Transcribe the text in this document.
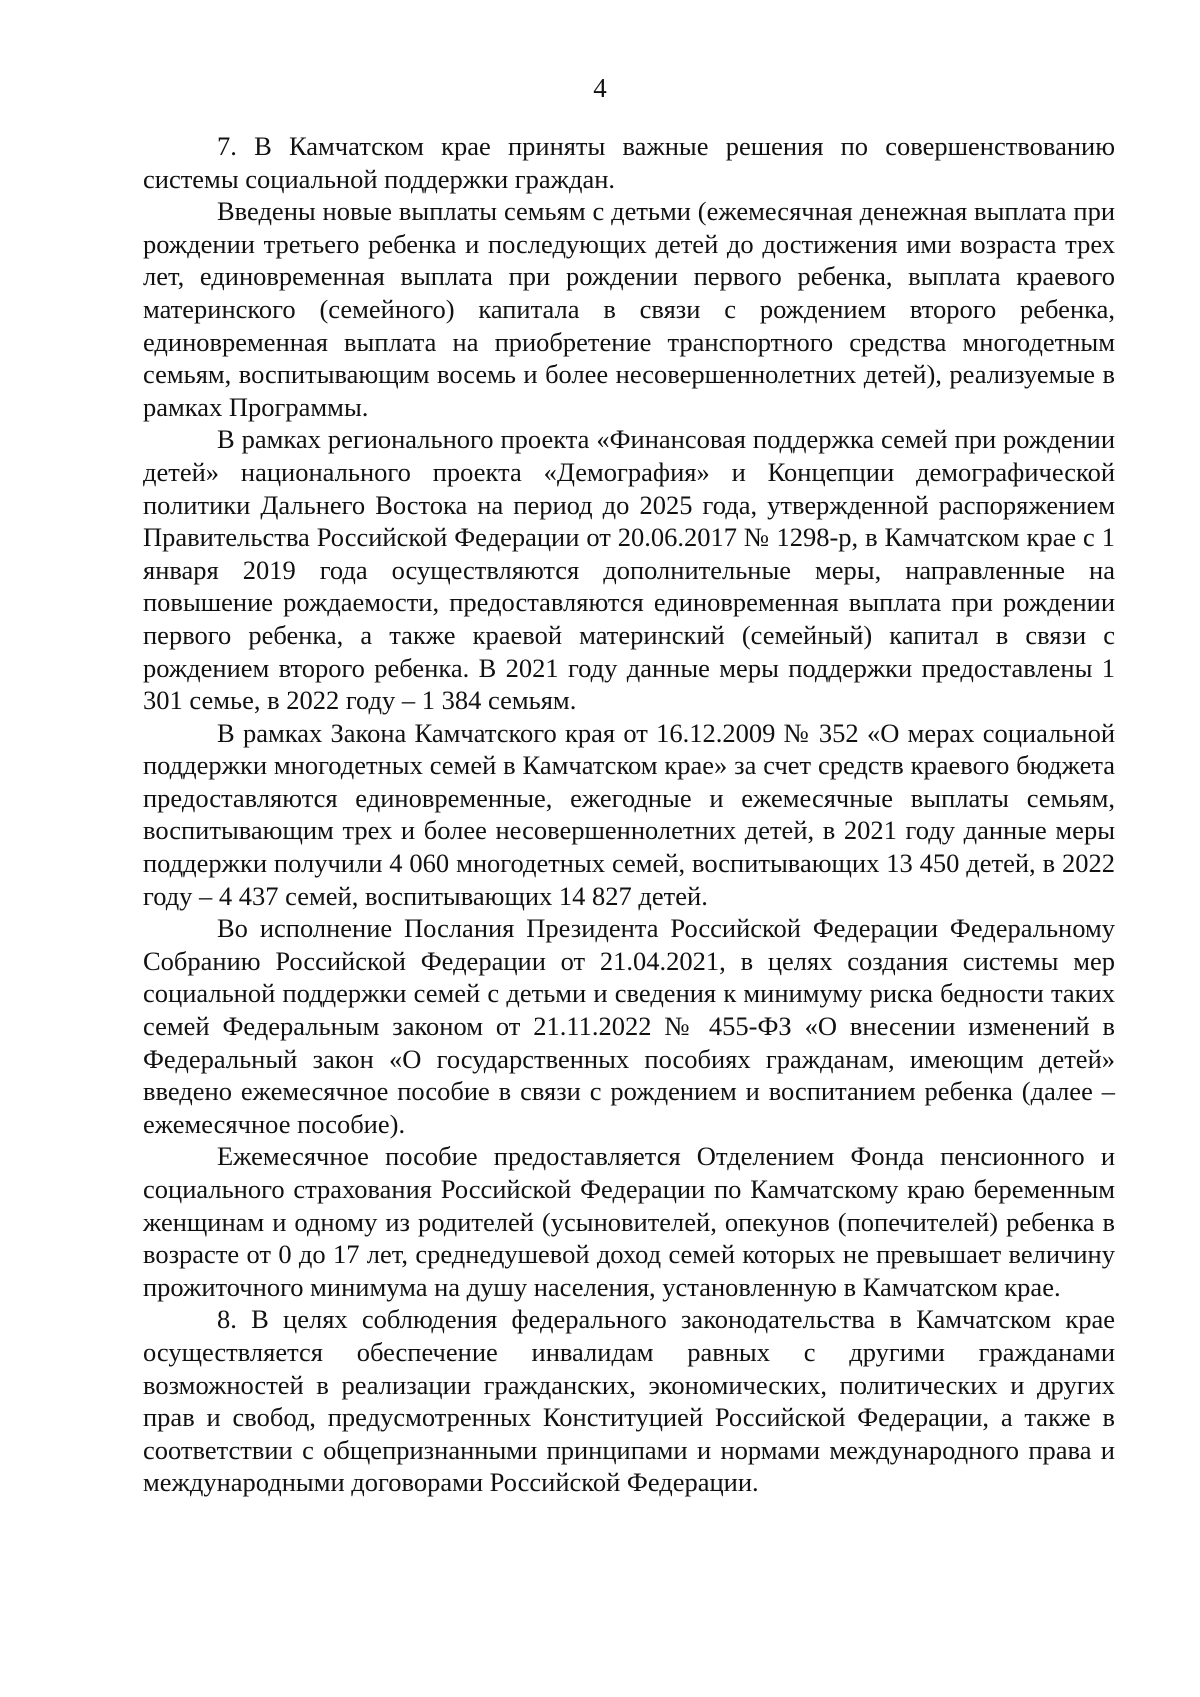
4

7. В Камчатском крае приняты важные решения по совершенствованию системы социальной поддержки граждан.

Введены новые выплаты семьям с детьми (ежемесячная денежная выплата при рождении третьего ребенка и последующих детей до достижения ими возраста трех лет, единовременная выплата при рождении первого ребенка, выплата краевого материнского (семейного) капитала в связи с рождением второго ребенка, единовременная выплата на приобретение транспортного средства многодетным семьям, воспитывающим восемь и более несовершеннолетних детей), реализуемые в рамках Программы.

В рамках регионального проекта «Финансовая поддержка семей при рождении детей» национального проекта «Демография» и Концепции демографической политики Дальнего Востока на период до 2025 года, утвержденной распоряжением Правительства Российской Федерации от 20.06.2017 № 1298-р, в Камчатском крае с 1 января 2019 года осуществляются дополнительные меры, направленные на повышение рождаемости, предоставляются единовременная выплата при рождении первого ребенка, а также краевой материнский (семейный) капитал в связи с рождением второго ребенка. В 2021 году данные меры поддержки предоставлены 1 301 семье, в 2022 году – 1 384 семьям.

В рамках Закона Камчатского края от 16.12.2009 № 352 «О мерах социальной поддержки многодетных семей в Камчатском крае» за счет средств краевого бюджета предоставляются единовременные, ежегодные и ежемесячные выплаты семьям, воспитывающим трех и более несовершеннолетних детей, в 2021 году данные меры поддержки получили 4 060 многодетных семей, воспитывающих 13 450 детей, в 2022 году – 4 437 семей, воспитывающих 14 827 детей.

Во исполнение Послания Президента Российской Федерации Федеральному Собранию Российской Федерации от 21.04.2021, в целях создания системы мер социальной поддержки семей с детьми и сведения к минимуму риска бедности таких семей Федеральным законом от 21.11.2022 № 455-ФЗ «О внесении изменений в Федеральный закон «О государственных пособиях гражданам, имеющим детей» введено ежемесячное пособие в связи с рождением и воспитанием ребенка (далее – ежемесячное пособие).

Ежемесячное пособие предоставляется Отделением Фонда пенсионного и социального страхования Российской Федерации по Камчатскому краю беременным женщинам и одному из родителей (усыновителей, опекунов (попечителей) ребенка в возрасте от 0 до 17 лет, среднедушевой доход семей которых не превышает величину прожиточного минимума на душу населения, установленную в Камчатском крае.

8. В целях соблюдения федерального законодательства в Камчатском крае осуществляется обеспечение инвалидам равных с другими гражданами возможностей в реализации гражданских, экономических, политических и других прав и свобод, предусмотренных Конституцией Российской Федерации, а также в соответствии с общепризнанными принципами и нормами международного права и международными договорами Российской Федерации.
